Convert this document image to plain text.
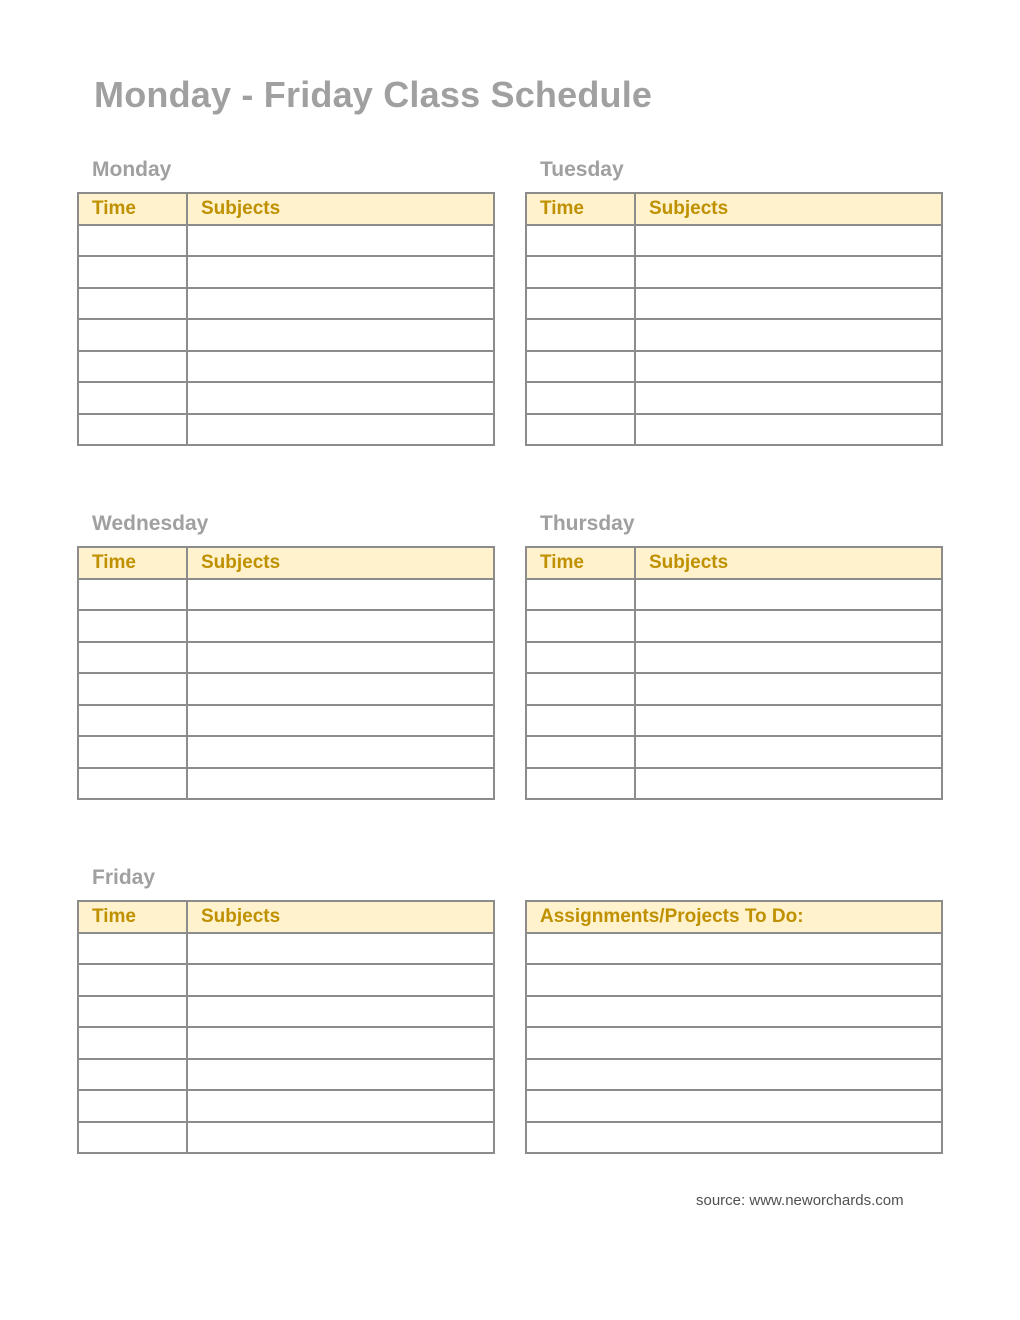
Monday - Friday Class Schedule
Monday
Time	Subjects

Tuesday
Time	Subjects

Wednesday
Time	Subjects

Thursday
Time	Subjects

Friday
Time	Subjects

		Assignments/Projects To Do:

source: www.neworchards.com
